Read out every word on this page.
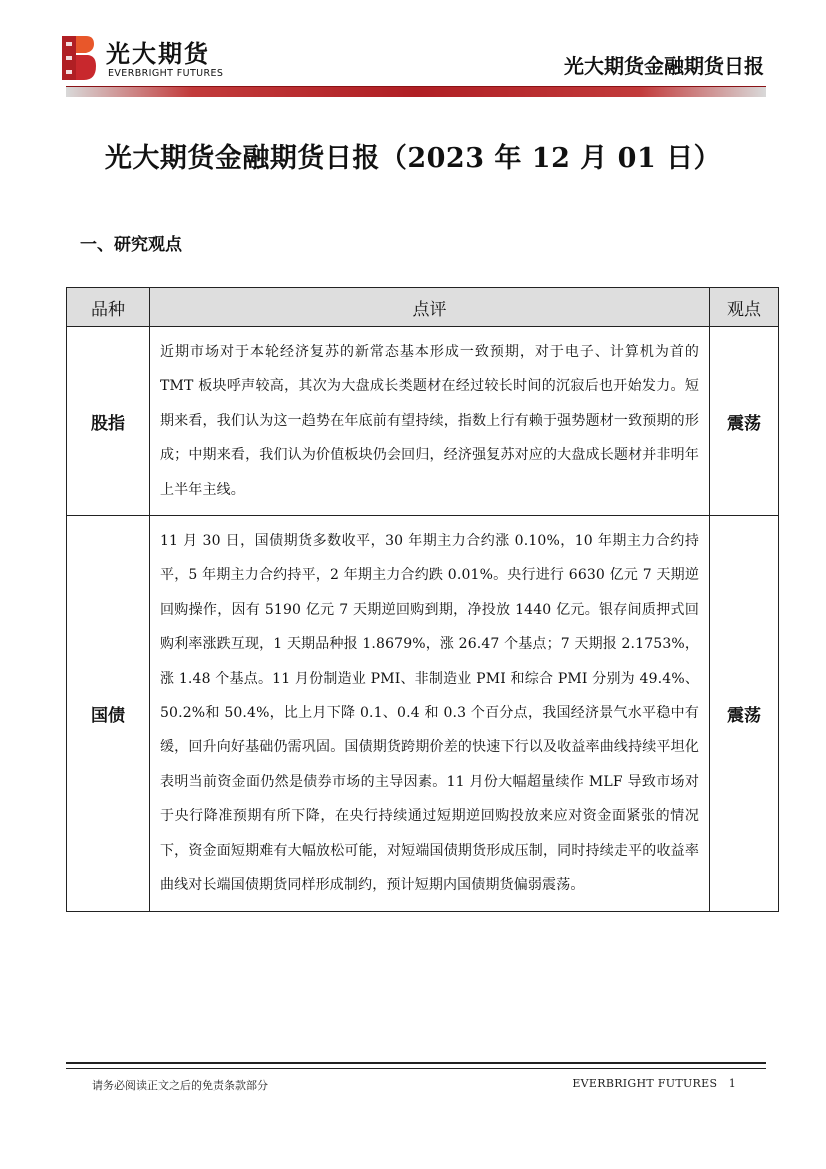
光大期货
EVERBRIGHT FUTURES	光大期货金融期货日报
光大期货金融期货日报（2023 年 12 月 01 日）
一、研究观点
品种	点评	观点
股指	近期市场对于本轮经济复苏的新常态基本形成一致预期，对于电子、计算机为首的 TMT 板块呼声较高，其次为大盘成长类题材在经过较长时间的沉寂后也开始发力。短期来看，我们认为这一趋势在年底前有望持续，指数上行有赖于强势题材一致预期的形成；中期来看，我们认为价值板块仍会回归，经济强复苏对应的大盘成长题材并非明年上半年主线。	震荡
国债	11 月 30 日，国债期货多数收平，30 年期主力合约涨 0.10%，10 年期主力合约持平，5 年期主力合约持平，2 年期主力合约跌 0.01%。央行进行 6630 亿元 7 天期逆回购操作，因有 5190 亿元 7 天期逆回购到期，净投放 1440 亿元。银存间质押式回购利率涨跌互现，1 天期品种报 1.8679%，涨 26.47 个基点；7 天期报 2.1753%，涨 1.48 个基点。11 月份制造业 PMI、非制造业 PMI 和综合 PMI 分别为 49.4%、50.2%和 50.4%，比上月下降 0.1、0.4 和 0.3 个百分点，我国经济景气水平稳中有缓，回升向好基础仍需巩固。国债期货跨期价差的快速下行以及收益率曲线持续平坦化表明当前资金面仍然是债券市场的主导因素。11 月份大幅超量续作 MLF 导致市场对于央行降准预期有所下降，在央行持续通过短期逆回购投放来应对资金面紧张的情况下，资金面短期难有大幅放松可能，对短端国债期货形成压制，同时持续走平的收益率曲线对长端国债期货同样形成制约，预计短期内国债期货偏弱震荡。	震荡
请务必阅读正文之后的免责条款部分	EVERBRIGHT FUTURES 1
